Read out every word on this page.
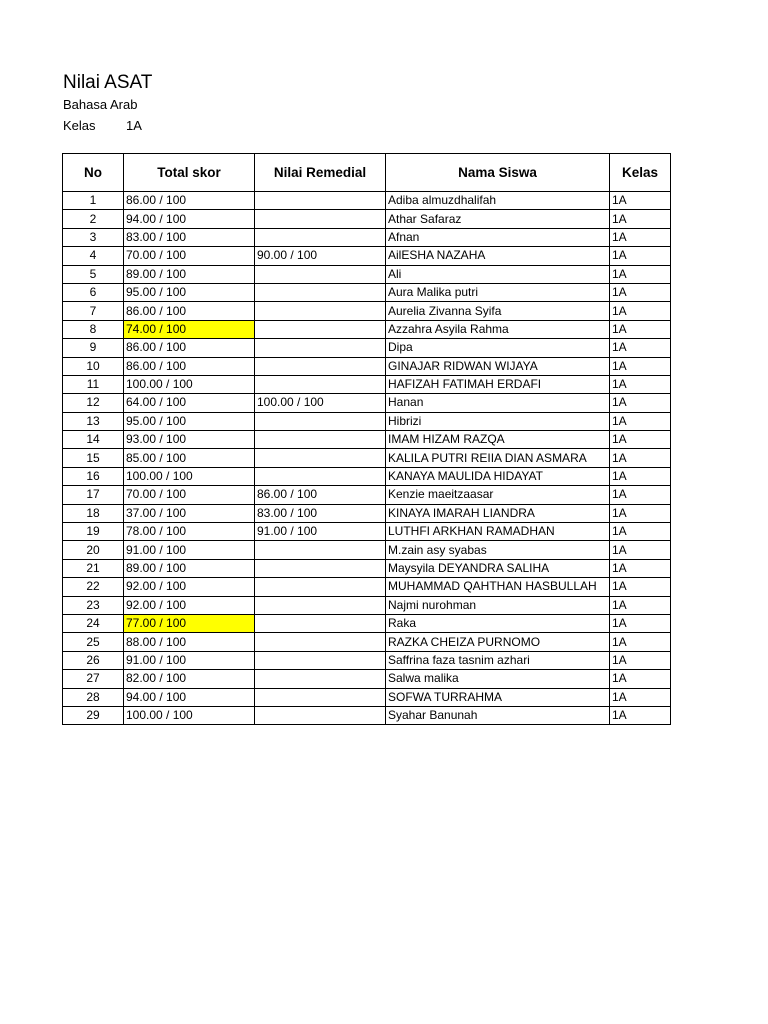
Nilai ASAT
Bahasa Arab
Kelas 1A
No	Total skor	Nilai Remedial	Nama Siswa	Kelas
1	86.00 / 100		Adiba almuzdhalifah	1A
2	94.00 / 100		Athar Safaraz	1A
3	83.00 / 100		Afnan	1A
4	70.00 / 100	90.00 / 100	AilESHA NAZAHA	1A
5	89.00 / 100		Ali	1A
6	95.00 / 100		Aura Malika putri	1A
7	86.00 / 100		Aurelia Zivanna Syifa	1A
8	74.00 / 100		Azzahra Asyila Rahma	1A
9	86.00 / 100		Dipa	1A
10	86.00 / 100		GINAJAR RIDWAN WIJAYA	1A
11	100.00 / 100		HAFIZAH FATIMAH ERDAFI	1A
12	64.00 / 100	100.00 / 100	Hanan	1A
13	95.00 / 100		Hibrizi	1A
14	93.00 / 100		IMAM HIZAM RAZQA	1A
15	85.00 / 100		KALILA PUTRI REIIA DIAN ASMARA	1A
16	100.00 / 100		KANAYA MAULIDA HIDAYAT	1A
17	70.00 / 100	86.00 / 100	Kenzie maeitzaasar	1A
18	37.00 / 100	83.00 / 100	KINAYA IMARAH LIANDRA	1A
19	78.00 / 100	91.00 / 100	LUTHFI ARKHAN RAMADHAN	1A
20	91.00 / 100		M.zain asy syabas	1A
21	89.00 / 100		Maysyila DEYANDRA SALIHA	1A
22	92.00 / 100		MUHAMMAD QAHTHAN HASBULLAH	1A
23	92.00 / 100		Najmi nurohman	1A
24	77.00 / 100		Raka	1A
25	88.00 / 100		RAZKA CHEIZA PURNOMO	1A
26	91.00 / 100		Saffrina faza tasnim azhari	1A
27	82.00 / 100		Salwa malika	1A
28	94.00 / 100		SOFWA TURRAHMA	1A
29	100.00 / 100		Syahar Banunah	1A
